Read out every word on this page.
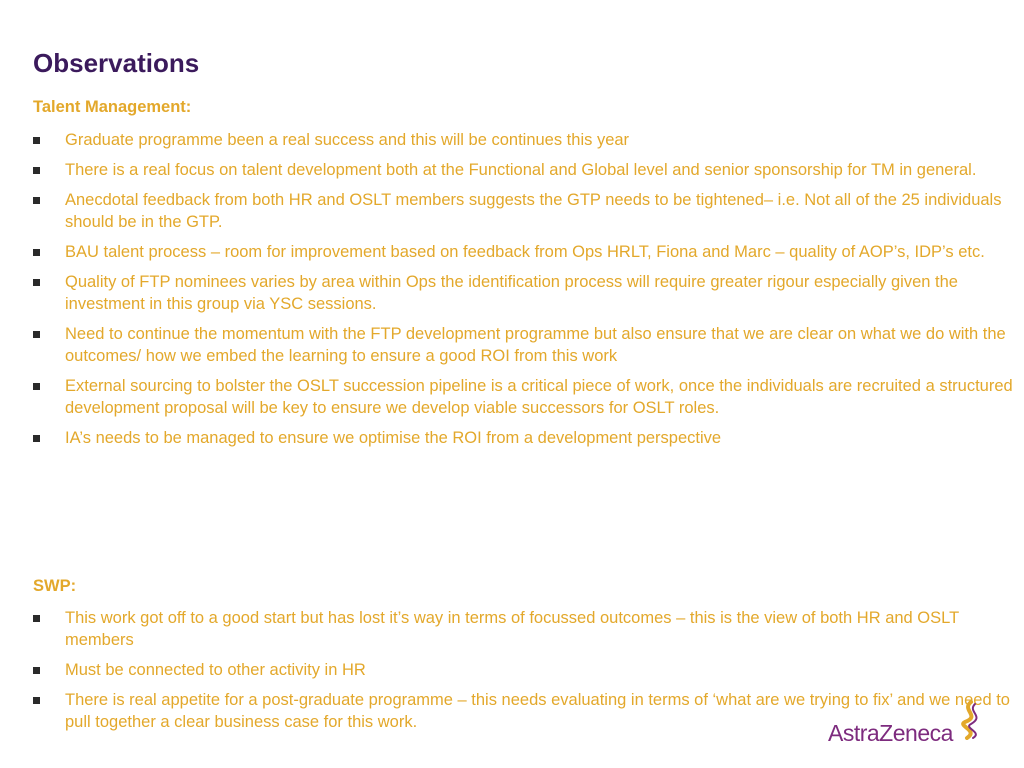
Observations
Talent Management:
Graduate programme been a real success and this will be continues this year
There is a real focus on talent development both at the Functional and Global level and senior sponsorship for TM in general.
Anecdotal feedback from both HR and OSLT members suggests the GTP needs to be tightened– i.e. Not all of the 25 individuals should be in the GTP.
BAU talent process – room for improvement based on feedback from Ops HRLT, Fiona and Marc – quality of AOP’s, IDP’s etc.
Quality of FTP nominees varies by area within Ops the identification process will require greater rigour especially given the investment in this group via YSC sessions.
Need to continue the momentum with the FTP development programme but also ensure that we are clear on what we do with the outcomes/ how we embed the learning to ensure a good ROI from this work
External sourcing to bolster the OSLT succession pipeline is a critical piece of work, once the individuals are recruited a structured development proposal will be key to ensure we develop viable successors for OSLT roles.
IA’s needs to be managed to ensure we optimise the ROI from a development perspective
SWP:
This work got off to a good start but has lost it’s way in terms of focussed outcomes – this is the view of both HR and OSLT members
Must be connected to other activity in HR
There is real appetite for a post-graduate programme – this needs evaluating in terms of ‘what are we trying to fix’ and we need to pull together a clear business case for this work.	AstraZeneca
